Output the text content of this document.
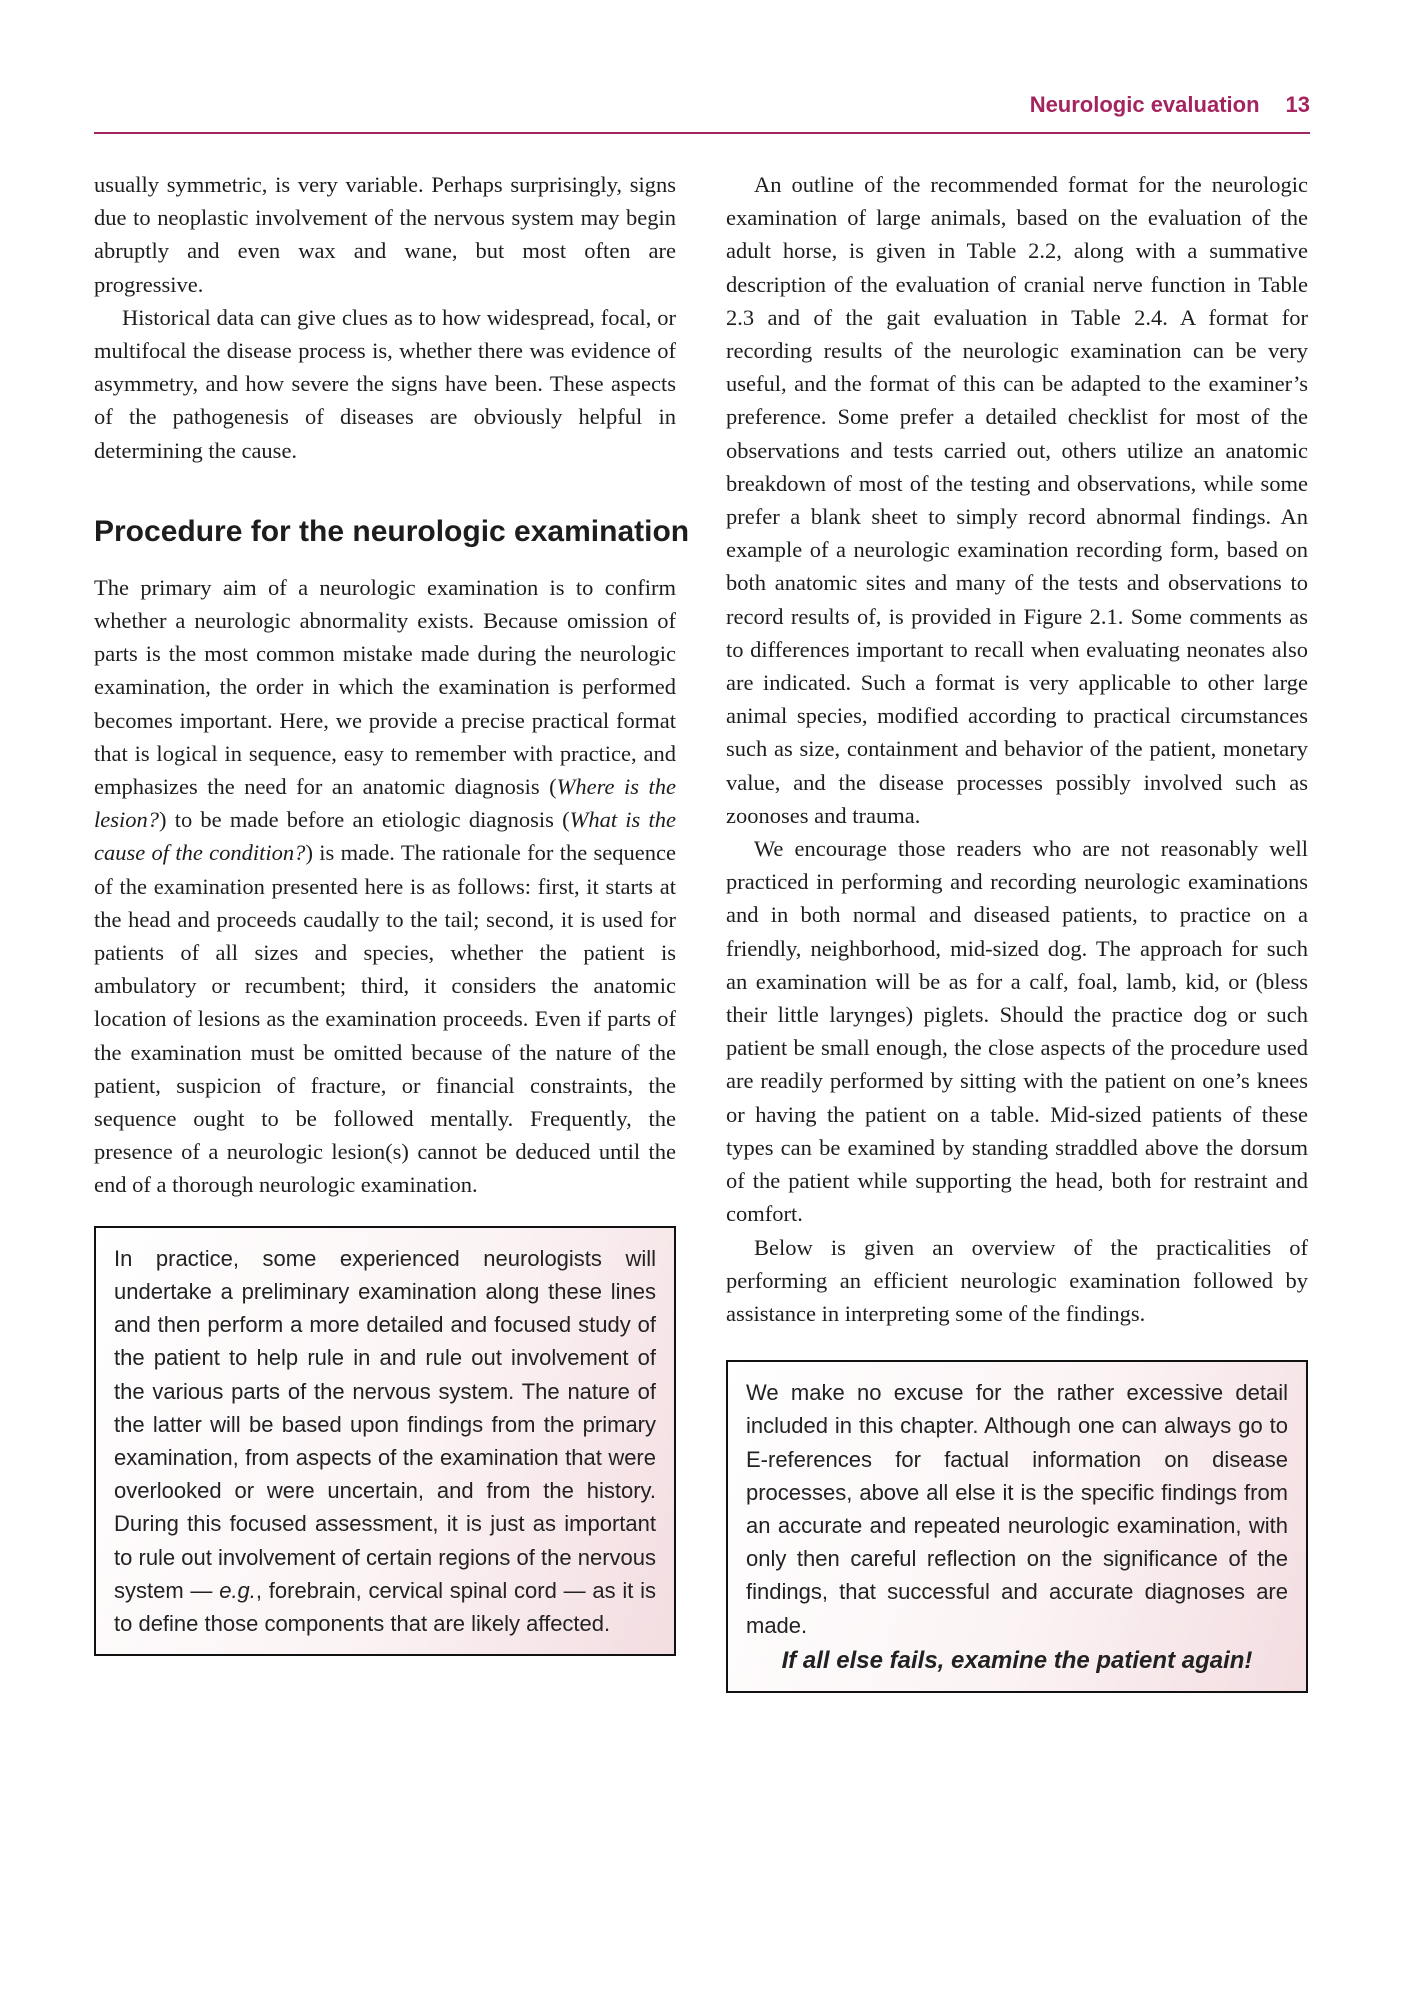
Neurologic evaluation 13

usually symmetric, is very variable. Perhaps surprisingly, signs due to neoplastic involvement of the nervous system may begin abruptly and even wax and wane, but most often are progressive.

Historical data can give clues as to how widespread, focal, or multifocal the disease process is, whether there was evidence of asymmetry, and how severe the signs have been. These aspects of the pathogenesis of diseases are obviously helpful in determining the cause.

Procedure for the neurologic examination

The primary aim of a neurologic examination is to confirm whether a neurologic abnormality exists. Because omission of parts is the most common mistake made during the neurologic examination, the order in which the examination is performed becomes important. Here, we provide a precise practical format that is logical in sequence, easy to remember with practice, and emphasizes the need for an anatomic diagnosis (Where is the lesion?) to be made before an etiologic diagnosis (What is the cause of the condition?) is made. The rationale for the sequence of the examination presented here is as follows: first, it starts at the head and proceeds caudally to the tail; second, it is used for patients of all sizes and species, whether the patient is ambulatory or recumbent; third, it considers the anatomic location of lesions as the examination proceeds. Even if parts of the examination must be omitted because of the nature of the patient, suspicion of fracture, or financial constraints, the sequence ought to be followed mentally. Frequently, the presence of a neurologic lesion(s) cannot be deduced until the end of a thorough neurologic examination.

In practice, some experienced neurologists will undertake a preliminary examination along these lines and then perform a more detailed and focused study of the patient to help rule in and rule out involvement of the various parts of the nervous system. The nature of the latter will be based upon findings from the primary examination, from aspects of the examination that were overlooked or were uncertain, and from the history. During this focused assessment, it is just as important to rule out involvement of certain regions of the nervous system — e.g., forebrain, cervical spinal cord — as it is to define those components that are likely affected.

An outline of the recommended format for the neurologic examination of large animals, based on the evaluation of the adult horse, is given in Table 2.2, along with a summative description of the evaluation of cranial nerve function in Table 2.3 and of the gait evaluation in Table 2.4. A format for recording results of the neurologic examination can be very useful, and the format of this can be adapted to the examiner’s preference. Some prefer a detailed checklist for most of the observations and tests carried out, others utilize an anatomic breakdown of most of the testing and observations, while some prefer a blank sheet to simply record abnormal findings. An example of a neurologic examination recording form, based on both anatomic sites and many of the tests and observations to record results of, is provided in Figure 2.1. Some comments as to differences important to recall when evaluating neonates also are indicated. Such a format is very applicable to other large animal species, modified according to practical circumstances such as size, containment and behavior of the patient, monetary value, and the disease processes possibly involved such as zoonoses and trauma.

We encourage those readers who are not reasonably well practiced in performing and recording neurologic examinations and in both normal and diseased patients, to practice on a friendly, neighborhood, mid-sized dog. The approach for such an examination will be as for a calf, foal, lamb, kid, or (bless their little larynges) piglets. Should the practice dog or such patient be small enough, the close aspects of the procedure used are readily performed by sitting with the patient on one’s knees or having the patient on a table. Mid-sized patients of these types can be examined by standing straddled above the dorsum of the patient while supporting the head, both for restraint and comfort.

Below is given an overview of the practicalities of performing an efficient neurologic examination followed by assistance in interpreting some of the findings.

We make no excuse for the rather excessive detail included in this chapter. Although one can always go to E-references for factual information on disease processes, above all else it is the specific findings from an accurate and repeated neurologic examination, with only then careful reflection on the significance of the findings, that successful and accurate diagnoses are made.

If all else fails, examine the patient again!
